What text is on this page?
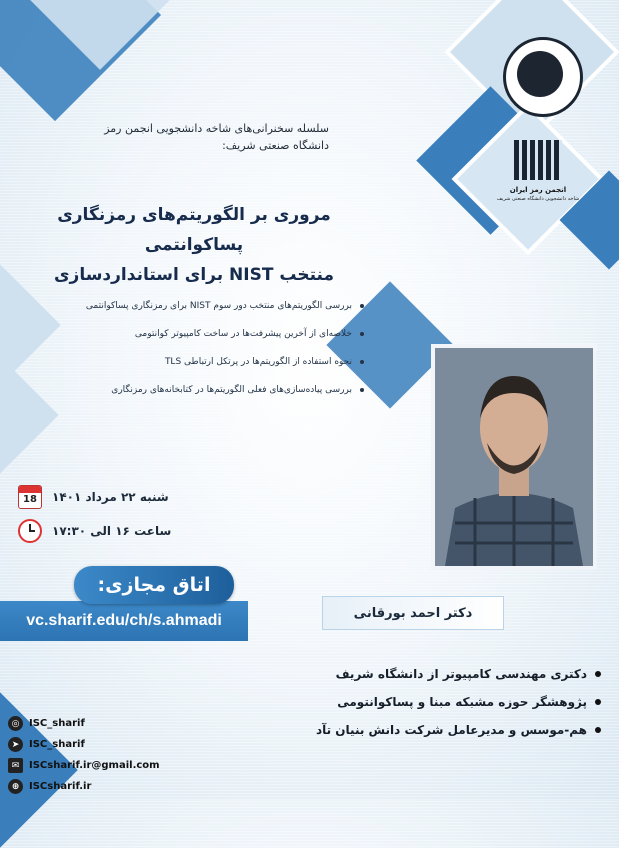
انجمن رمز ایران
شاخه دانشجویی دانشگاه صنعتی شریف
سلسله سخنرانی‌های شاخه دانشجویی انجمن رمز
دانشگاه صنعتی شریف:
مروری بر الگوریتم‌های رمزنگاری پساکوانتمی
منتخب NIST برای استانداردسازی
بررسی الگوریتم‌های منتخب دور سوم NIST برای رمزنگاری پساکوانتمی
خلاصه‌ای از آخرین پیشرفت‌ها در ساخت کامپیوتر کوانتومی
نحوه استفاده از الگوریتم‌ها در پرتکل ارتباطی TLS
بررسی پیاده‌سازی‌های فعلی الگوریتم‌ها در کتابخانه‌های رمزنگاری
18	شنبه ۲۲ مرداد ۱۴۰۱
ساعت ۱۶ الی ۱۷:۳۰
vc.sharif.edu/ch/s.ahmadi
اتاق مجازی:
دکتر احمد بورقانی
دکتری مهندسی کامپیوتر از دانشگاه شریف
پژوهشگر حوزه مشبکه مبنا و پساکوانتومی
هم-موسس و مدیرعامل شرکت دانش بنیان تآد
◎ ISC_sharif
➤ ISC_sharif
✉ ISCsharif.ir@gmail.com
⊕ ISCsharif.ir
